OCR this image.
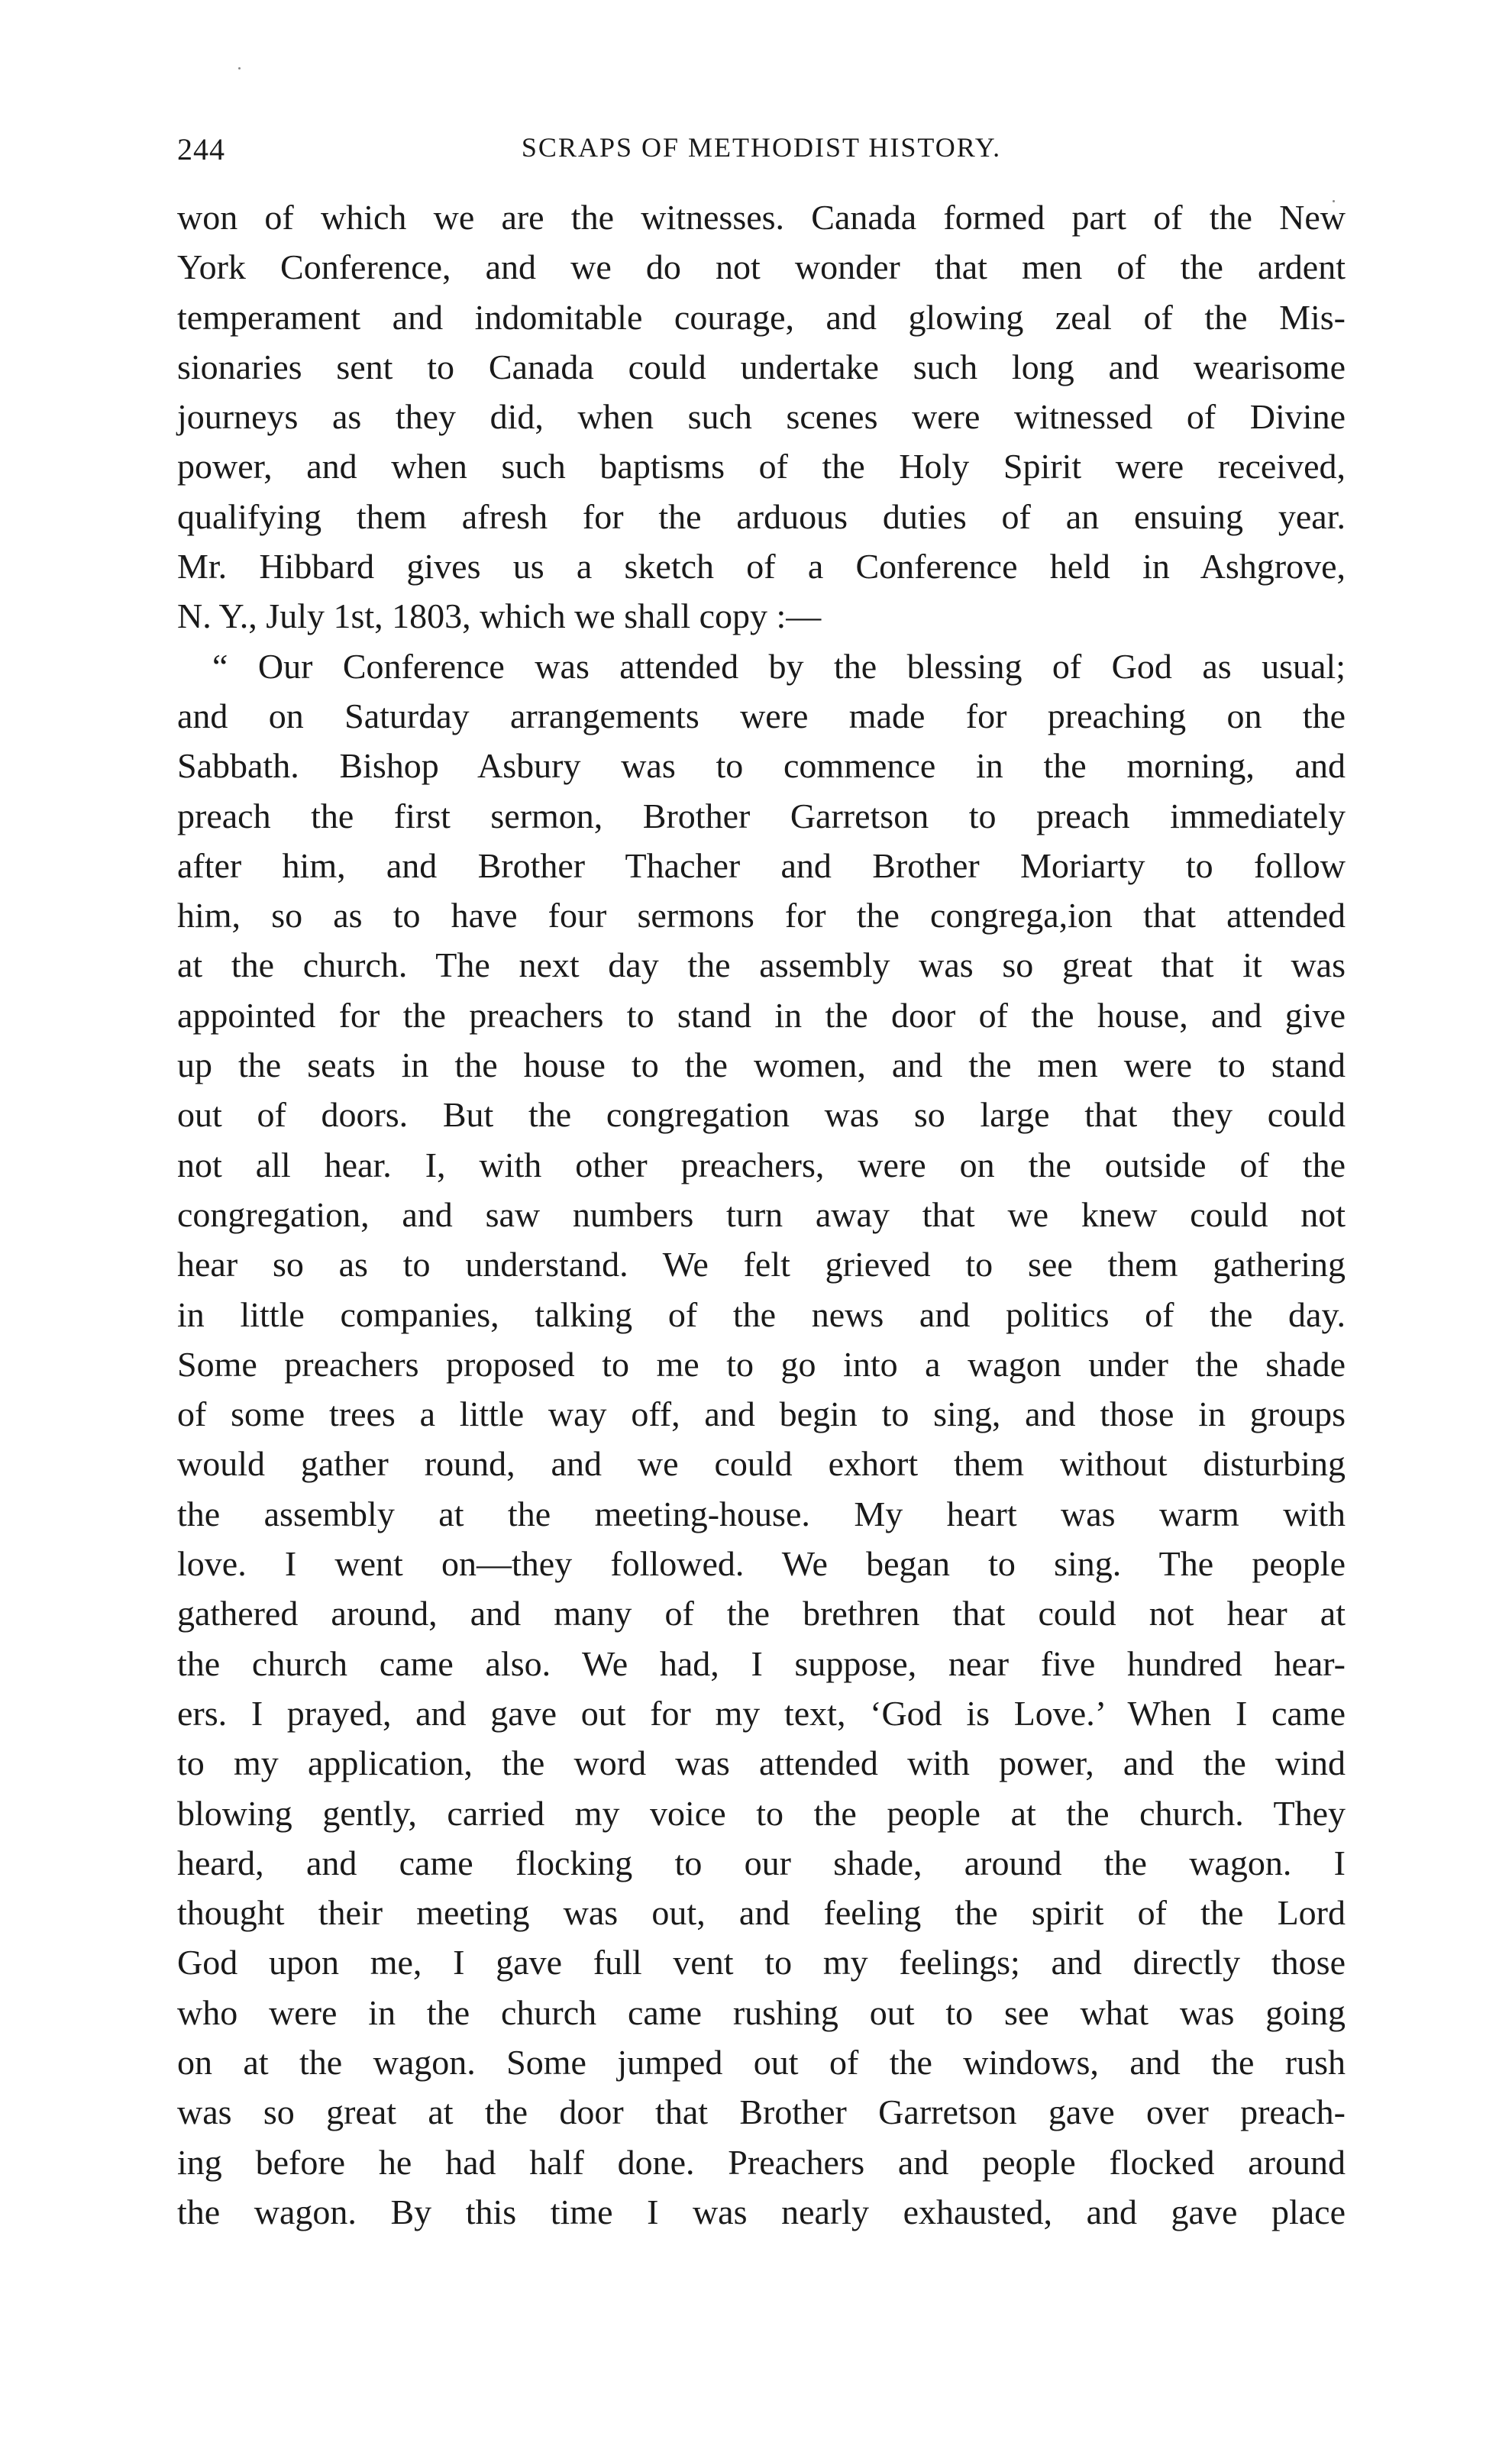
244	SCRAPS OF METHODIST HISTORY.
won of which we are the witnesses. Canada formed part of the New
York Conference, and we do not wonder that men of the ardent
temperament and indomitable courage, and glowing zeal of the Mis-
sionaries sent to Canada could undertake such long and wearisome
journeys as they did, when such scenes were witnessed of Divine
power, and when such baptisms of the Holy Spirit were received,
qualifying them afresh for the arduous duties of an ensuing year.
Mr. Hibbard gives us a sketch of a Conference held in Ashgrove,
N. Y., July 1st, 1803, which we shall copy :—
“ Our Conference was attended by the blessing of God as usual;
and on Saturday arrangements were made for preaching on the
Sabbath. Bishop Asbury was to commence in the morning, and
preach the first sermon, Brother Garretson to preach immediately
after him, and Brother Thacher and Brother Moriarty to follow
him, so as to have four sermons for the congrega,ion that attended
at the church. The next day the assembly was so great that it was
appointed for the preachers to stand in the door of the house, and give
up the seats in the house to the women, and the men were to stand
out of doors. But the congregation was so large that they could
not all hear. I, with other preachers, were on the outside of the
congregation, and saw numbers turn away that we knew could not
hear so as to understand. We felt grieved to see them gathering
in little companies, talking of the news and politics of the day.
Some preachers proposed to me to go into a wagon under the shade
of some trees a little way off, and begin to sing, and those in groups
would gather round, and we could exhort them without disturbing
the assembly at the meeting-house. My heart was warm with
love. I went on—they followed. We began to sing. The people
gathered around, and many of the brethren that could not hear at
the church came also. We had, I suppose, near five hundred hear-
ers. I prayed, and gave out for my text, ‘God is Love.’ When I came
to my application, the word was attended with power, and the wind
blowing gently, carried my voice to the people at the church. They
heard, and came flocking to our shade, around the wagon. I
thought their meeting was out, and feeling the spirit of the Lord
God upon me, I gave full vent to my feelings; and directly those
who were in the church came rushing out to see what was going
on at the wagon. Some jumped out of the windows, and the rush
was so great at the door that Brother Garretson gave over preach-
ing before he had half done. Preachers and people flocked around
the wagon. By this time I was nearly exhausted, and gave place
